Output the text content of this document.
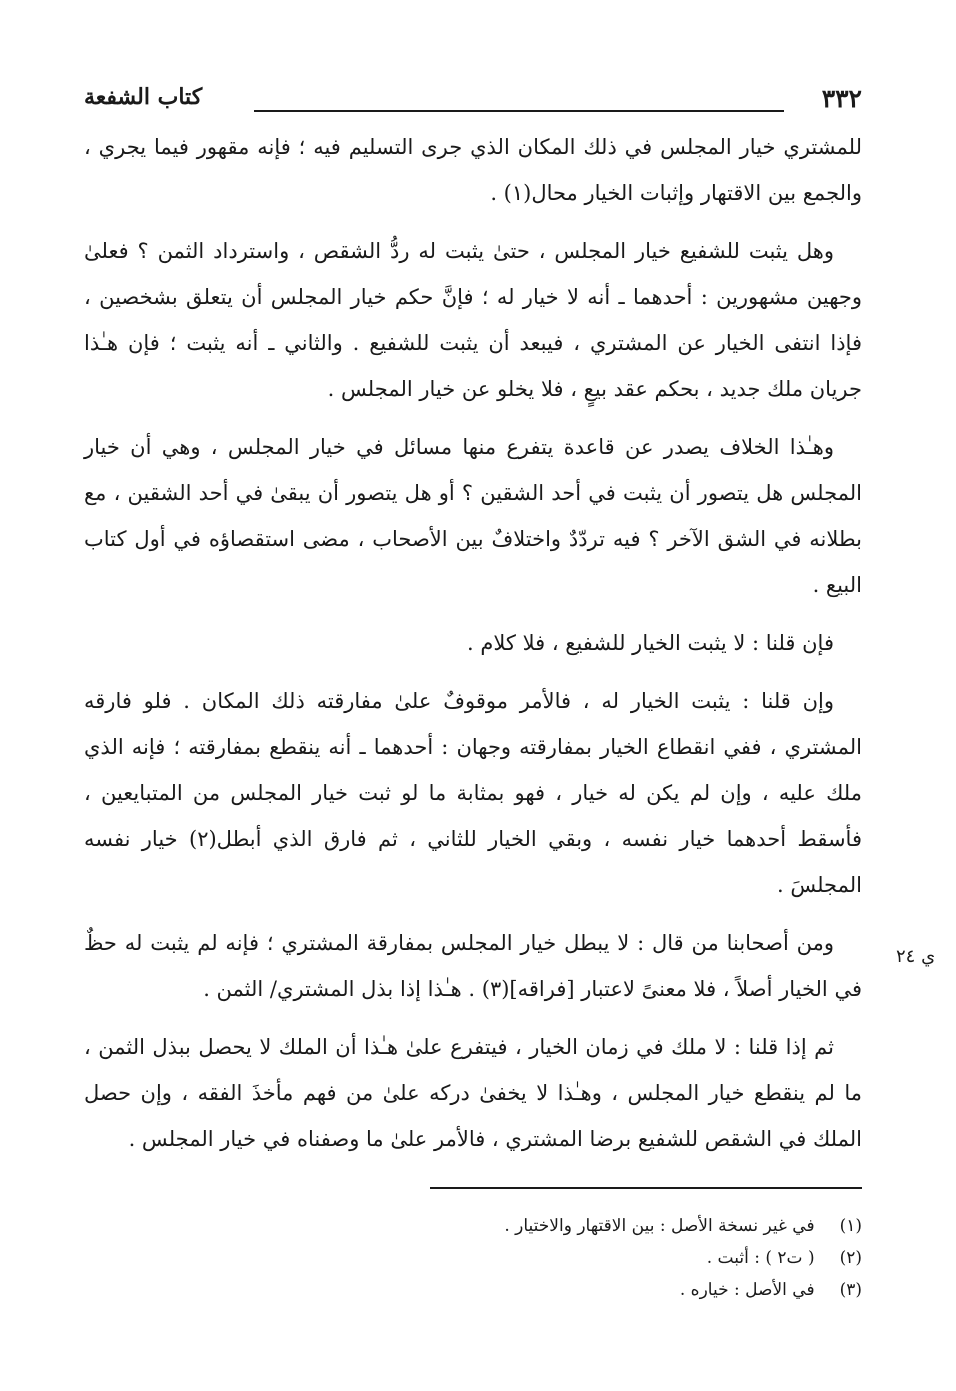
٣٣٢
كتاب الشفعة

للمشتري خيار المجلس في ذلك المكان الذي جرى التسليم فيه ؛ فإنه مقهور فيما يجري ، والجمع بين الاقتهار وإثبات الخيار محال(١) .

وهل يثبت للشفيع خيار المجلس ، حتىٰ يثبت له ردُّ الشقص ، واسترداد الثمن ؟ فعلىٰ وجهين مشهورين : أحدهما ـ أنه لا خيار له ؛ فإنَّ حكم خيار المجلس أن يتعلق بشخصين ، فإذا انتفى الخيار عن المشتري ، فيبعد أن يثبت للشفيع . والثاني ـ أنه يثبت ؛ فإن هـٰذا جريان ملك جديد ، بحكم عقد بيعٍ ، فلا يخلو عن خيار المجلس .

وهـٰذا الخلاف يصدر عن قاعدة يتفرع منها مسائل في خيار المجلس ، وهي أن خيار المجلس هل يتصور أن يثبت في أحد الشقين ؟ أو هل يتصور أن يبقىٰ في أحد الشقين ، مع بطلانه في الشق الآخر ؟ فيه تردّدٌ واختلافٌ بين الأصحاب ، مضى استقصاؤه في أول كتاب البيع .

فإن قلنا : لا يثبت الخيار للشفيع ، فلا كلام .

وإن قلنا : يثبت الخيار له ، فالأمر موقوفٌ علىٰ مفارقته ذلك المكان . فلو فارقه المشتري ، ففي انقطاع الخيار بمفارقته وجهان : أحدهما ـ أنه ينقطع بمفارقته ؛ فإنه الذي ملك عليه ، وإن لم يكن له خيار ، فهو بمثابة ما لو ثبت خيار المجلس من المتبايعين ، فأسقط أحدهما خيار نفسه ، وبقي الخيار للثاني ، ثم فارق الذي أبطل(٢) خيار نفسه المجلسَ .

ومن أصحابنا من قال : لا يبطل خيار المجلس بمفارقة المشتري ؛ فإنه لم يثبت له حظٌ في الخيار أصلاً ، فلا معنىً لاعتبار [فراقه](٣) . هـٰذا إذا بذل المشتري/ الثمن .

ثم إذا قلنا : لا ملك في زمان الخيار ، فيتفرع علىٰ هـٰذا أن الملك لا يحصل ببذل الثمن ، ما لم ينقطع خيار المجلس ، وهـٰذا لا يخفىٰ دركه علىٰ من فهم مأخذَ الفقه ، وإن حصل الملك في الشقص للشفيع برضا المشتري ، فالأمر علىٰ ما وصفناه في خيار المجلس .

ي ٢٤
(١) في غير نسخة الأصل : بين الاقتهار والاختيار .
(٢) ( ت٢ ) : أثبت .
(٣) في الأصل : خياره .
